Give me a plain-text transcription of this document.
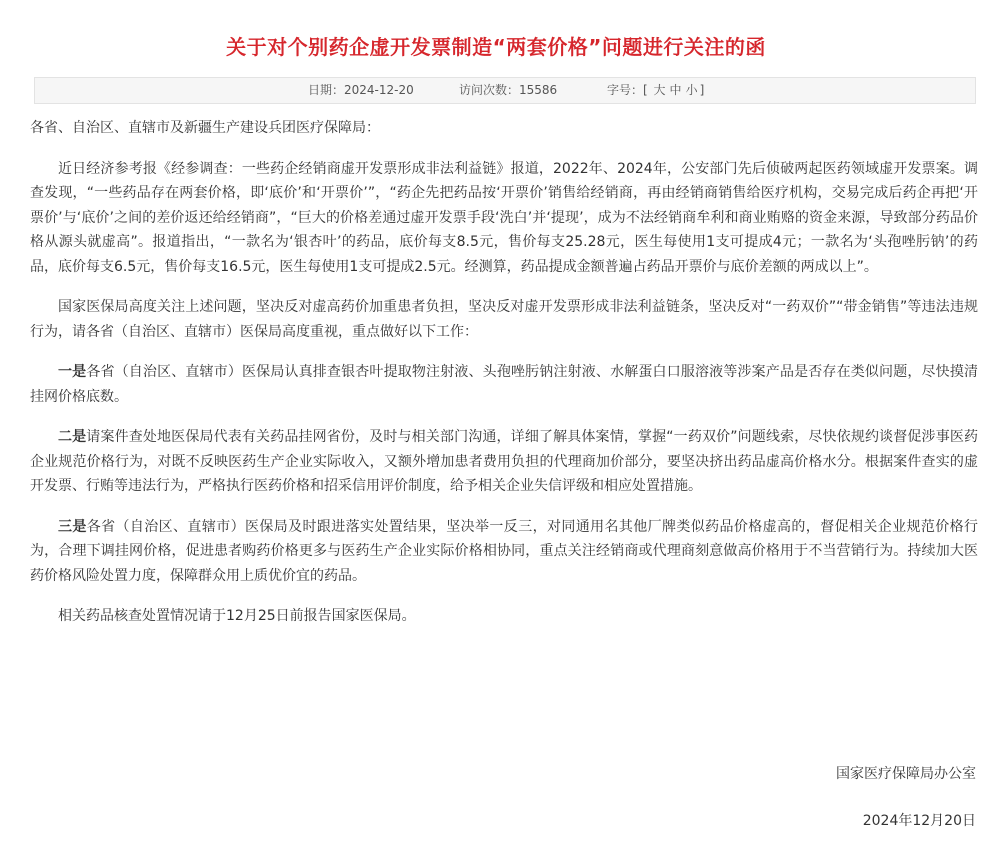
关于对个别药企虚开发票制造“两套价格”问题进行关注的函
日期：2024-12-20	访问次数：15586	字号：[ 大 中 小 ]

各省、自治区、直辖市及新疆生产建设兵团医疗保障局：

近日经济参考报《经参调查：一些药企经销商虚开发票形成非法利益链》报道，2022年、2024年，公安部门先后侦破两起医药领域虚开发票案。调查发现，“一些药品存在两套价格，即‘底价’和‘开票价’”，“药企先把药品按‘开票价’销售给经销商，再由经销商销售给医疗机构，交易完成后药企再把‘开票价’与‘底价’之间的差价返还给经销商”，“巨大的价格差通过虚开发票手段‘洗白’并‘提现’，成为不法经销商牟利和商业贿赂的资金来源，导致部分药品价格从源头就虚高”。报道指出，“一款名为‘银杏叶’的药品，底价每支8.5元，售价每支25.28元，医生每使用1支可提成4元；一款名为‘头孢唑肟钠’的药品，底价每支6.5元，售价每支16.5元，医生每使用1支可提成2.5元。经测算，药品提成金额普遍占药品开票价与底价差额的两成以上”。

国家医保局高度关注上述问题，坚决反对虚高药价加重患者负担，坚决反对虚开发票形成非法利益链条，坚决反对“一药双价”“带金销售”等违法违规行为，请各省（自治区、直辖市）医保局高度重视，重点做好以下工作：

一是各省（自治区、直辖市）医保局认真排查银杏叶提取物注射液、头孢唑肟钠注射液、水解蛋白口服溶液等涉案产品是否存在类似问题，尽快摸清挂网价格底数。

二是请案件查处地医保局代表有关药品挂网省份，及时与相关部门沟通，详细了解具体案情，掌握“一药双价”问题线索，尽快依规约谈督促涉事医药企业规范价格行为，对既不反映医药生产企业实际收入，又额外增加患者费用负担的代理商加价部分，要坚决挤出药品虚高价格水分。根据案件查实的虚开发票、行贿等违法行为，严格执行医药价格和招采信用评价制度，给予相关企业失信评级和相应处置措施。

三是各省（自治区、直辖市）医保局及时跟进落实处置结果，坚决举一反三，对同通用名其他厂牌类似药品价格虚高的，督促相关企业规范价格行为，合理下调挂网价格，促进患者购药价格更多与医药生产企业实际价格相协同，重点关注经销商或代理商刻意做高价格用于不当营销行为。持续加大医药价格风险处置力度，保障群众用上质优价宜的药品。

相关药品核查处置情况请于12月25日前报告国家医保局。

国家医疗保障局办公室
2024年12月20日
